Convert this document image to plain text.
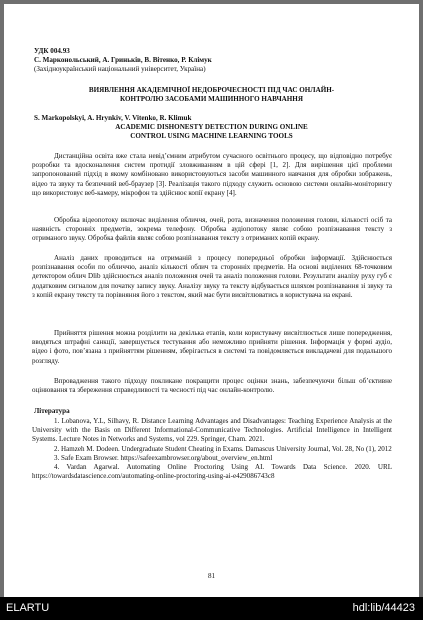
УДК 004.93
С. Марконольський, А. Гриньків, В. Вітенко, Р. Клімук
(Західноукраїнський національний університет, Україна)
ВИЯВЛЕННЯ АКАДЕМІЧНОЇ НЕДОБРОЧЕСНОСТІ ПІД ЧАС ОНЛАЙН-
КОНТРОЛЮ ЗАСОБАМИ МАШИННОГО НАВЧАННЯ
S. Markopolskyi, A. Hrynkiv, V. Vitenko, R. Klimuk
ACADEMIC DISHONESTY DETECTION DURING ONLINE
CONTROL USING MACHINE LEARNING TOOLS

Дистанційна освіта вже стала невід’ємним атрибутом сучасного освітнього процесу, що відповідно потребує розробки та вдосконалення систем протидії зловживанням в цій сфері [1, 2]. Для вирішення цієї проблеми запропонований підхід в якому комбіновано використовуються засоби машинного навчання для обробки зображень, відео та звуку та безпечний веб-браузер [3]. Реалізація такого підходу служить основою системи онлайн-моніторингу що використовує веб-камеру, мікрофон та здійснює копії екрану [4].

Обробка відеопотоку включає виділення обличчя, очей, рота, визначення положення голови, кількості осіб та наявність сторонніх предметів, зокрема телефону. Обробка аудіопотоку являє собою розпізнавання тексту з отриманого звуку. Обробка файлів являє собою розпізнавання тексту з отриманих копій екрану.

Аналіз даних проводиться на отриманій з процесу попередньої обробки інформації. Здійснюється розпізнавання особи по обличчю, аналіз кількості облич та сторонніх предметів. На основі виділених 68-точковим детектором облич Dlib здійснюється аналіз положення очей та аналіз положення голови. Результати аналізу руху губ є додатковим сигналом для початку запису звуку. Аналізу звуку та тексту відбувається шляхом розпізнавання зі звуку та з копій екрану тексту та порівняння його з текстом, який має бути висвітлюватись в користувача на екрані.

Прийняття рішення можна розділити на декілька етапів, коли користувачу висвітлюється лише попередження, вводяться штрафні санкції, завершується тестування або неможливо прийняти рішення. Інформація у формі аудіо, відео і фото, пов’язана з прийняттям рішенням, зберігається в системі та повідомляється викладачеві для подальшого розгляду.

Впровадження такого підходу покликане покращити процес оцінки знань, забезпечуючи більш об’єктивне оцінювання та збереження справедливості та чесності під час онлайн-контролю.

Література

1. Lobanova, Y.L, Silhavy, R. Distance Learning Advantages and Disadvantages: Teaching Experience Analysis at the University with the Basis on Different Informational-Communicative Technologies. Artificial Intelligence in Intelligent Systems. Lecture Notes in Networks and Systems, vol 229. Springer, Cham. 2021.

2. Hamzeh M. Dodeen. Undergraduate Student Cheating in Exams. Damascus University Journal, Vol. 28, No (1), 2012

3. Safe Exam Browser. https://safeexambrowser.org/about_overview_en.html

4. Vardan Agarwal. Automating Online Proctoring Using AI. Towards Data Science. 2020. URL https://towardsdatascience.com/automating-online-proctoring-using-ai-e429086743c8

81
ELARTU	hdl:lib/44423
